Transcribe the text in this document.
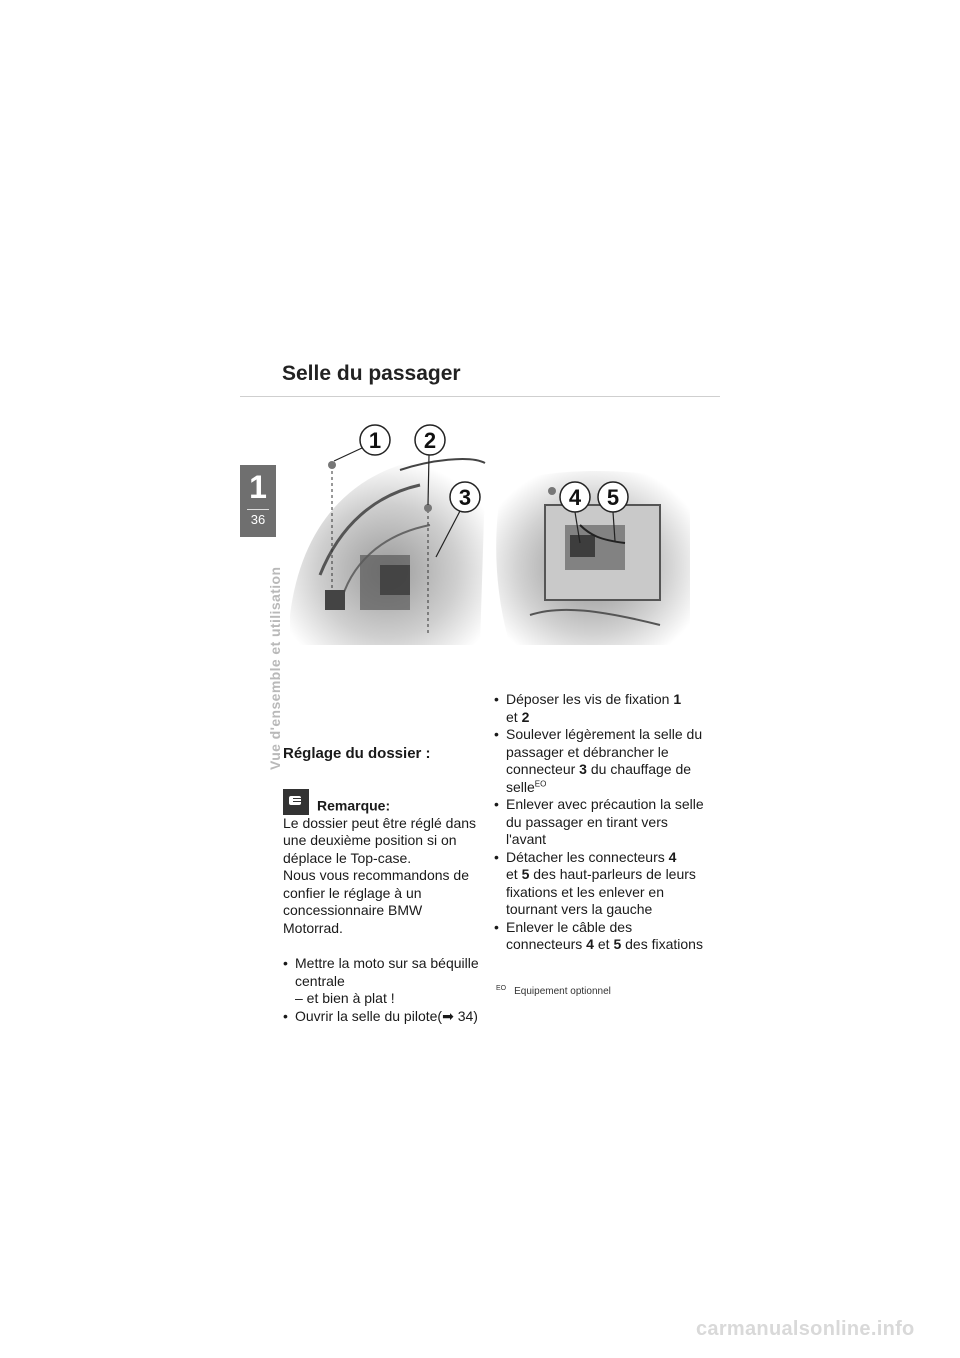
Selle du passager
1
36
Vue d'ensemble et utilisation
1 2
3	4 5
Réglage du dossier :
Remarque:

Le dossier peut être réglé dans une deuxième position si on déplace le Top-case.

Nous vous recommandons de confier le réglage à un concessionnaire BMW Motorrad.

• Mettre la moto sur sa béquille centrale
– et bien à plat !
• Ouvrir la selle du pilote(➡ 34)
• Déposer les vis de fixation 1
et 2
• Soulever légèrement la selle du passager et débrancher le connecteur 3 du chauffage de selle$^{EO}$
• Enlever avec précaution la selle du passager en tirant vers l'avant
• Détacher les connecteurs 4
et 5 des haut-parleurs de leurs fixations et les enlever en tournant vers la gauche
• Enlever le câble des connecteurs 4 et 5 des fixations
$^{EO}$ Equipement optionnel
carmanualsonline.info
